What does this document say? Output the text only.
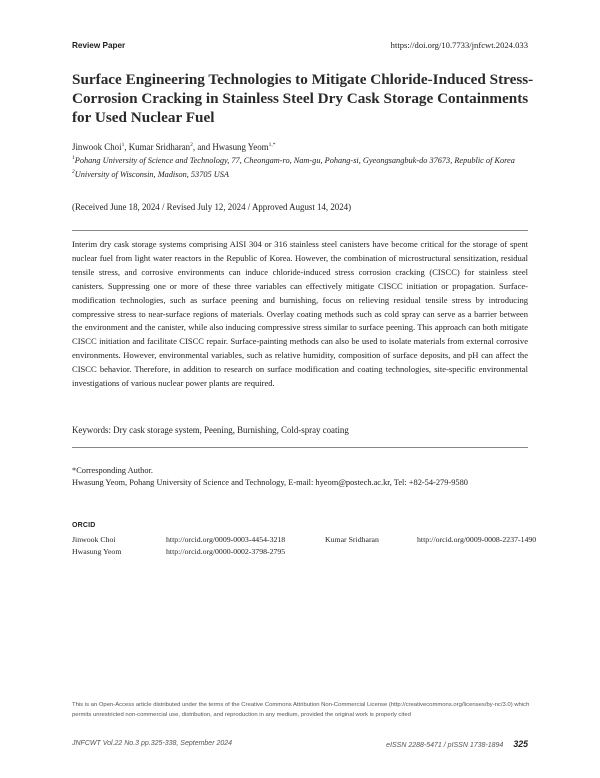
Review Paper	https://doi.org/10.7733/jnfcwt.2024.033
Surface Engineering Technologies to Mitigate Chloride-Induced Stress-Corrosion Cracking in Stainless Steel Dry Cask Storage Containments for Used Nuclear Fuel
Jinwook Choi$^1$, Kumar Sridharan$^2$, and Hwasung Yeom$^{1,*}$
$^1$Pohang University of Science and Technology, 77, Cheongam-ro, Nam-gu, Pohang-si, Gyeongsangbuk-do 37673, Republic of Korea
$^2$University of Wisconsin, Madison, 53705 USA
(Received June 18, 2024 / Revised July 12, 2024 / Approved August 14, 2024)

Interim dry cask storage systems comprising AISI 304 or 316 stainless steel canisters have become critical for the storage of spent nuclear fuel from light water reactors in the Republic of Korea. However, the combination of microstructural sensitization, residual tensile stress, and corrosive environments can induce chloride-induced stress corrosion cracking (CISCC) for stainless steel canisters. Suppressing one or more of these three variables can effectively mitigate CISCC initiation or propagation. Surface-modification technologies, such as surface peening and burnishing, focus on relieving residual tensile stress by introducing compressive stress to near-surface regions of materials. Overlay coating methods such as cold spray can serve as a barrier between the environment and the canister, while also inducing compressive stress similar to surface peening. This approach can both mitigate CISCC initiation and facilitate CISCC repair. Surface-painting methods can also be used to isolate materials from external corrosive environments. However, environmental variables, such as relative humidity, composition of surface deposits, and pH can affect the CISCC behavior. Therefore, in addition to research on surface modification and coating technologies, site-specific environmental investigations of various nuclear power plants are required.

Keywords: Dry cask storage system, Peening, Burnishing, Cold-spray coating
*Corresponding Author.
Hwasung Yeom, Pohang University of Science and Technology, E-mail: hyeom@postech.ac.kr, Tel: +82-54-279-9580
ORCID
Jinwook Choi	http://orcid.org/0009-0003-4454-3218	Kumar Sridharan	http://orcid.org/0009-0008-2237-1490
Hwasung Yeom	http://orcid.org/0000-0002-3798-2795
This is an Open-Access article distributed under the terms of the Creative Commons Attribution Non-Commercial License (http://creativecommons.org/licenses/by-nc/3.0) which permits unrestricted non-commercial use, distribution, and reproduction in any medium, provided the original work is properly cited
JNFCWT Vol.22 No.3 pp.325-338, September 2024	eISSN 2288-5471 / pISSN 1738-1894 325
